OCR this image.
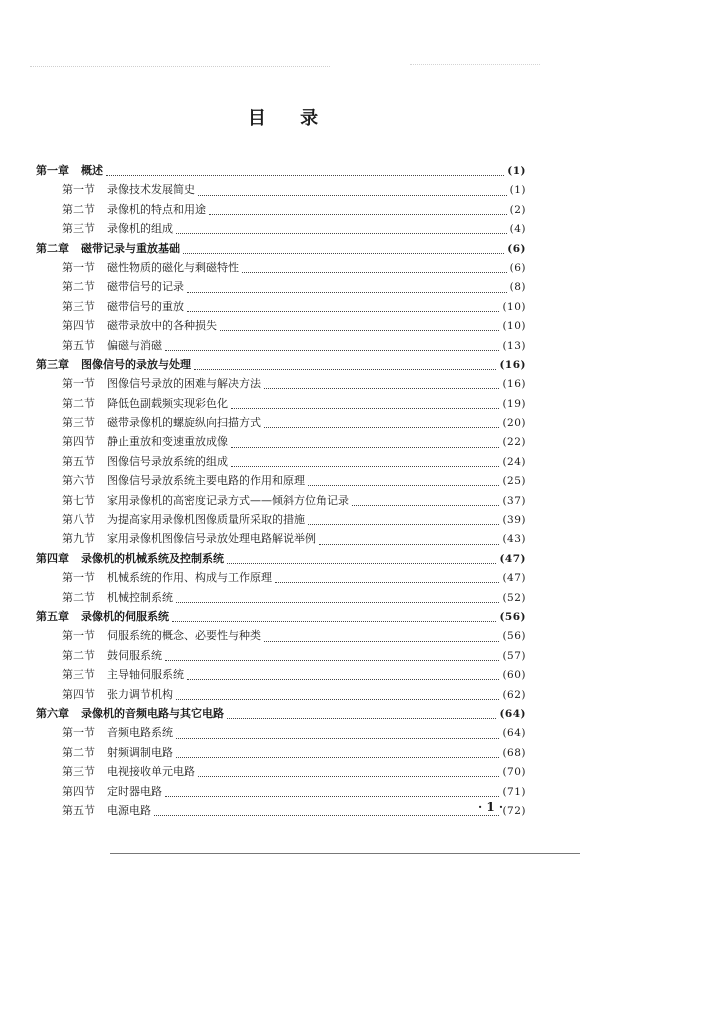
目 录
第一章 概述	(1)
第一节 录像技术发展简史	(1)
第二节 录像机的特点和用途	(2)
第三节 录像机的组成	(4)
第二章 磁带记录与重放基础	(6)
第一节 磁性物质的磁化与剩磁特性	(6)
第二节 磁带信号的记录	(8)
第三节 磁带信号的重放	(10)
第四节 磁带录放中的各种损失	(10)
第五节 偏磁与消磁	(13)
第三章 图像信号的录放与处理	(16)
第一节 图像信号录放的困难与解决方法	(16)
第二节 降低色副载频实现彩色化	(19)
第三节 磁带录像机的螺旋纵向扫描方式	(20)
第四节 静止重放和变速重放成像	(22)
第五节 图像信号录放系统的组成	(24)
第六节 图像信号录放系统主要电路的作用和原理	(25)
第七节 家用录像机的高密度记录方式——倾斜方位角记录	(37)
第八节 为提高家用录像机图像质量所采取的措施	(39)
第九节 家用录像机图像信号录放处理电路解说举例	(43)
第四章 录像机的机械系统及控制系统	(47)
第一节 机械系统的作用、构成与工作原理	(47)
第二节 机械控制系统	(52)
第五章 录像机的伺服系统	(56)
第一节 伺服系统的概念、必要性与种类	(56)
第二节 鼓伺服系统	(57)
第三节 主导轴伺服系统	(60)
第四节 张力调节机构	(62)
第六章 录像机的音频电路与其它电路	(64)
第一节 音频电路系统	(64)
第二节 射频调制电路	(68)
第三节 电视接收单元电路	(70)
第四节 定时器电路	(71)
第五节 电源电路	(72)
· 1 ·
